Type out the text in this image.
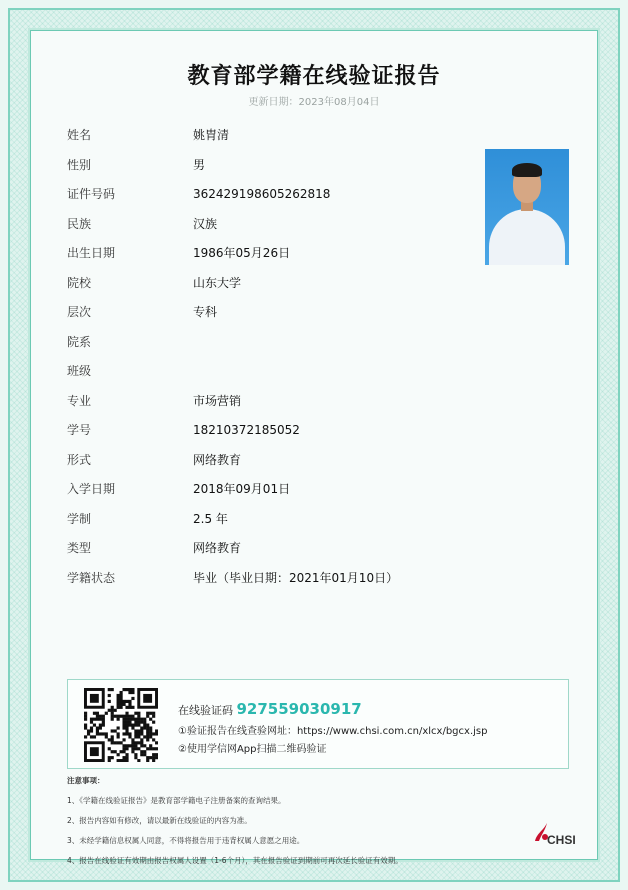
教育部学籍在线验证报告
更新日期：2023年08月04日
姓名	姚胄清
性别	男
证件号码	362429198605262818
民族	汉族
出生日期	1986年05月26日
院校	山东大学
层次	专科
院系
班级
专业	市场营销
学号	18210372185052
形式	网络教育
入学日期	2018年09月01日
学制	2.5 年
类型	网络教育
学籍状态	毕业（毕业日期：2021年01月10日）
在线验证码 927559030917
①验证报告在线查验网址：https://www.chsi.com.cn/xlcx/bgcx.jsp
②使用学信网App扫描二维码验证
注意事项：
1、《学籍在线验证报告》是教育部学籍电子注册备案的查询结果。
2、报告内容如有修改，请以最新在线验证的内容为准。
3、未经学籍信息权属人同意，不得将报告用于违背权属人意愿之用途。
4、报告在线验证有效期由报告权属人设置（1-6个月），其在报告验证到期前可再次延长验证有效期。
CHSI
